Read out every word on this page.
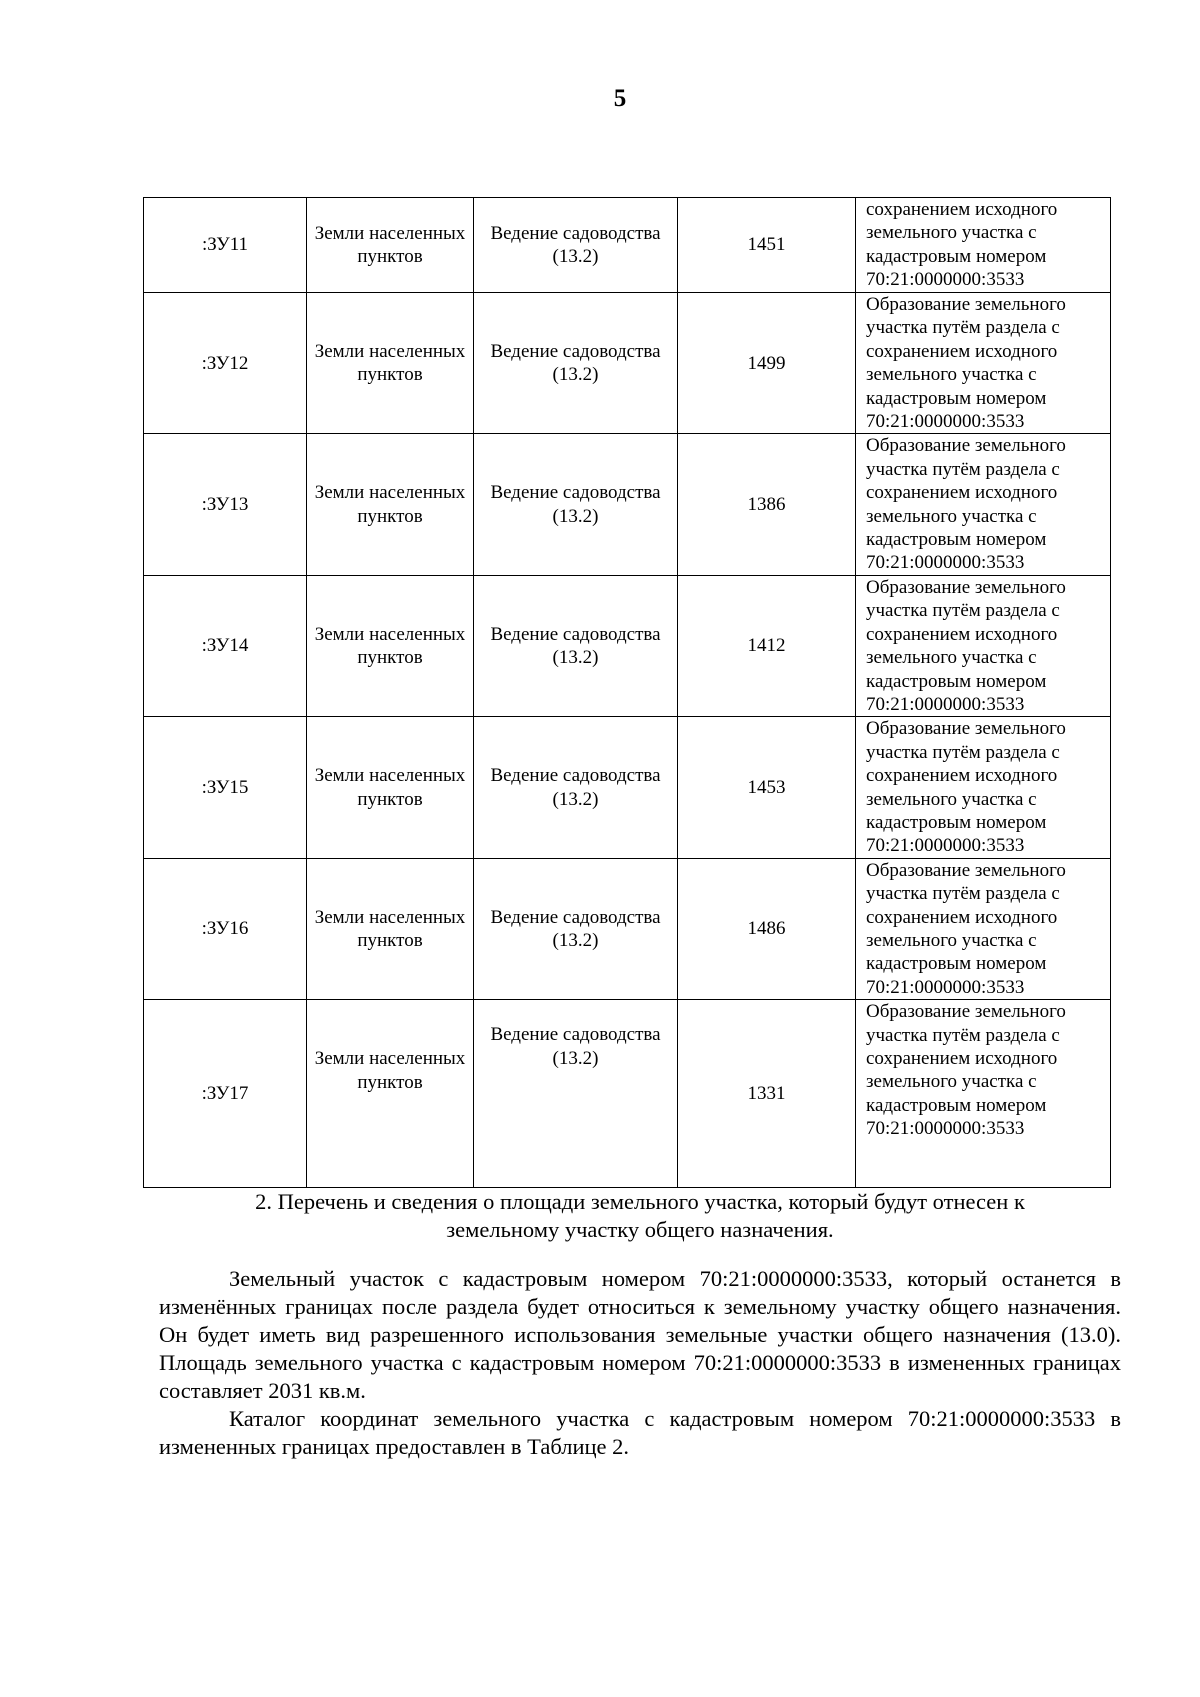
5
:ЗУ11	Земли населенных пунктов	Ведение садоводства (13.2)	1451	сохранением исходного земельного участка с кадастровым номером 70:21:0000000:3533
:ЗУ12	Земли населенных пунктов	Ведение садоводства (13.2)	1499	Образование земельного участка путём раздела с сохранением исходного земельного участка с кадастровым номером 70:21:0000000:3533
:ЗУ13	Земли населенных пунктов	Ведение садоводства (13.2)	1386	Образование земельного участка путём раздела с сохранением исходного земельного участка с кадастровым номером 70:21:0000000:3533
:ЗУ14	Земли населенных пунктов	Ведение садоводства (13.2)	1412	Образование земельного участка путём раздела с сохранением исходного земельного участка с кадастровым номером 70:21:0000000:3533
:ЗУ15	Земли населенных пунктов	Ведение садоводства (13.2)	1453	Образование земельного участка путём раздела с сохранением исходного земельного участка с кадастровым номером 70:21:0000000:3533
:ЗУ16	Земли населенных пунктов	Ведение садоводства (13.2)	1486	Образование земельного участка путём раздела с сохранением исходного земельного участка с кадастровым номером 70:21:0000000:3533
:ЗУ17	Земли населенных пунктов	Ведение садоводства (13.2)	1331	Образование земельного участка путём раздела с сохранением исходного земельного участка с кадастровым номером 70:21:0000000:3533
2. Перечень и сведения о площади земельного участка, который будут отнесен к земельному участку общего назначения.

Земельный участок с кадастровым номером 70:21:0000000:3533, который останется в изменённых границах после раздела будет относиться к земельному участку общего назначения. Он будет иметь вид разрешенного использования земельные участки общего назначения (13.0). Площадь земельного участка с кадастровым номером 70:21:0000000:3533 в измененных границах составляет 2031 кв.м.

Каталог координат земельного участка с кадастровым номером 70:21:0000000:3533 в измененных границах предоставлен в Таблице 2.
